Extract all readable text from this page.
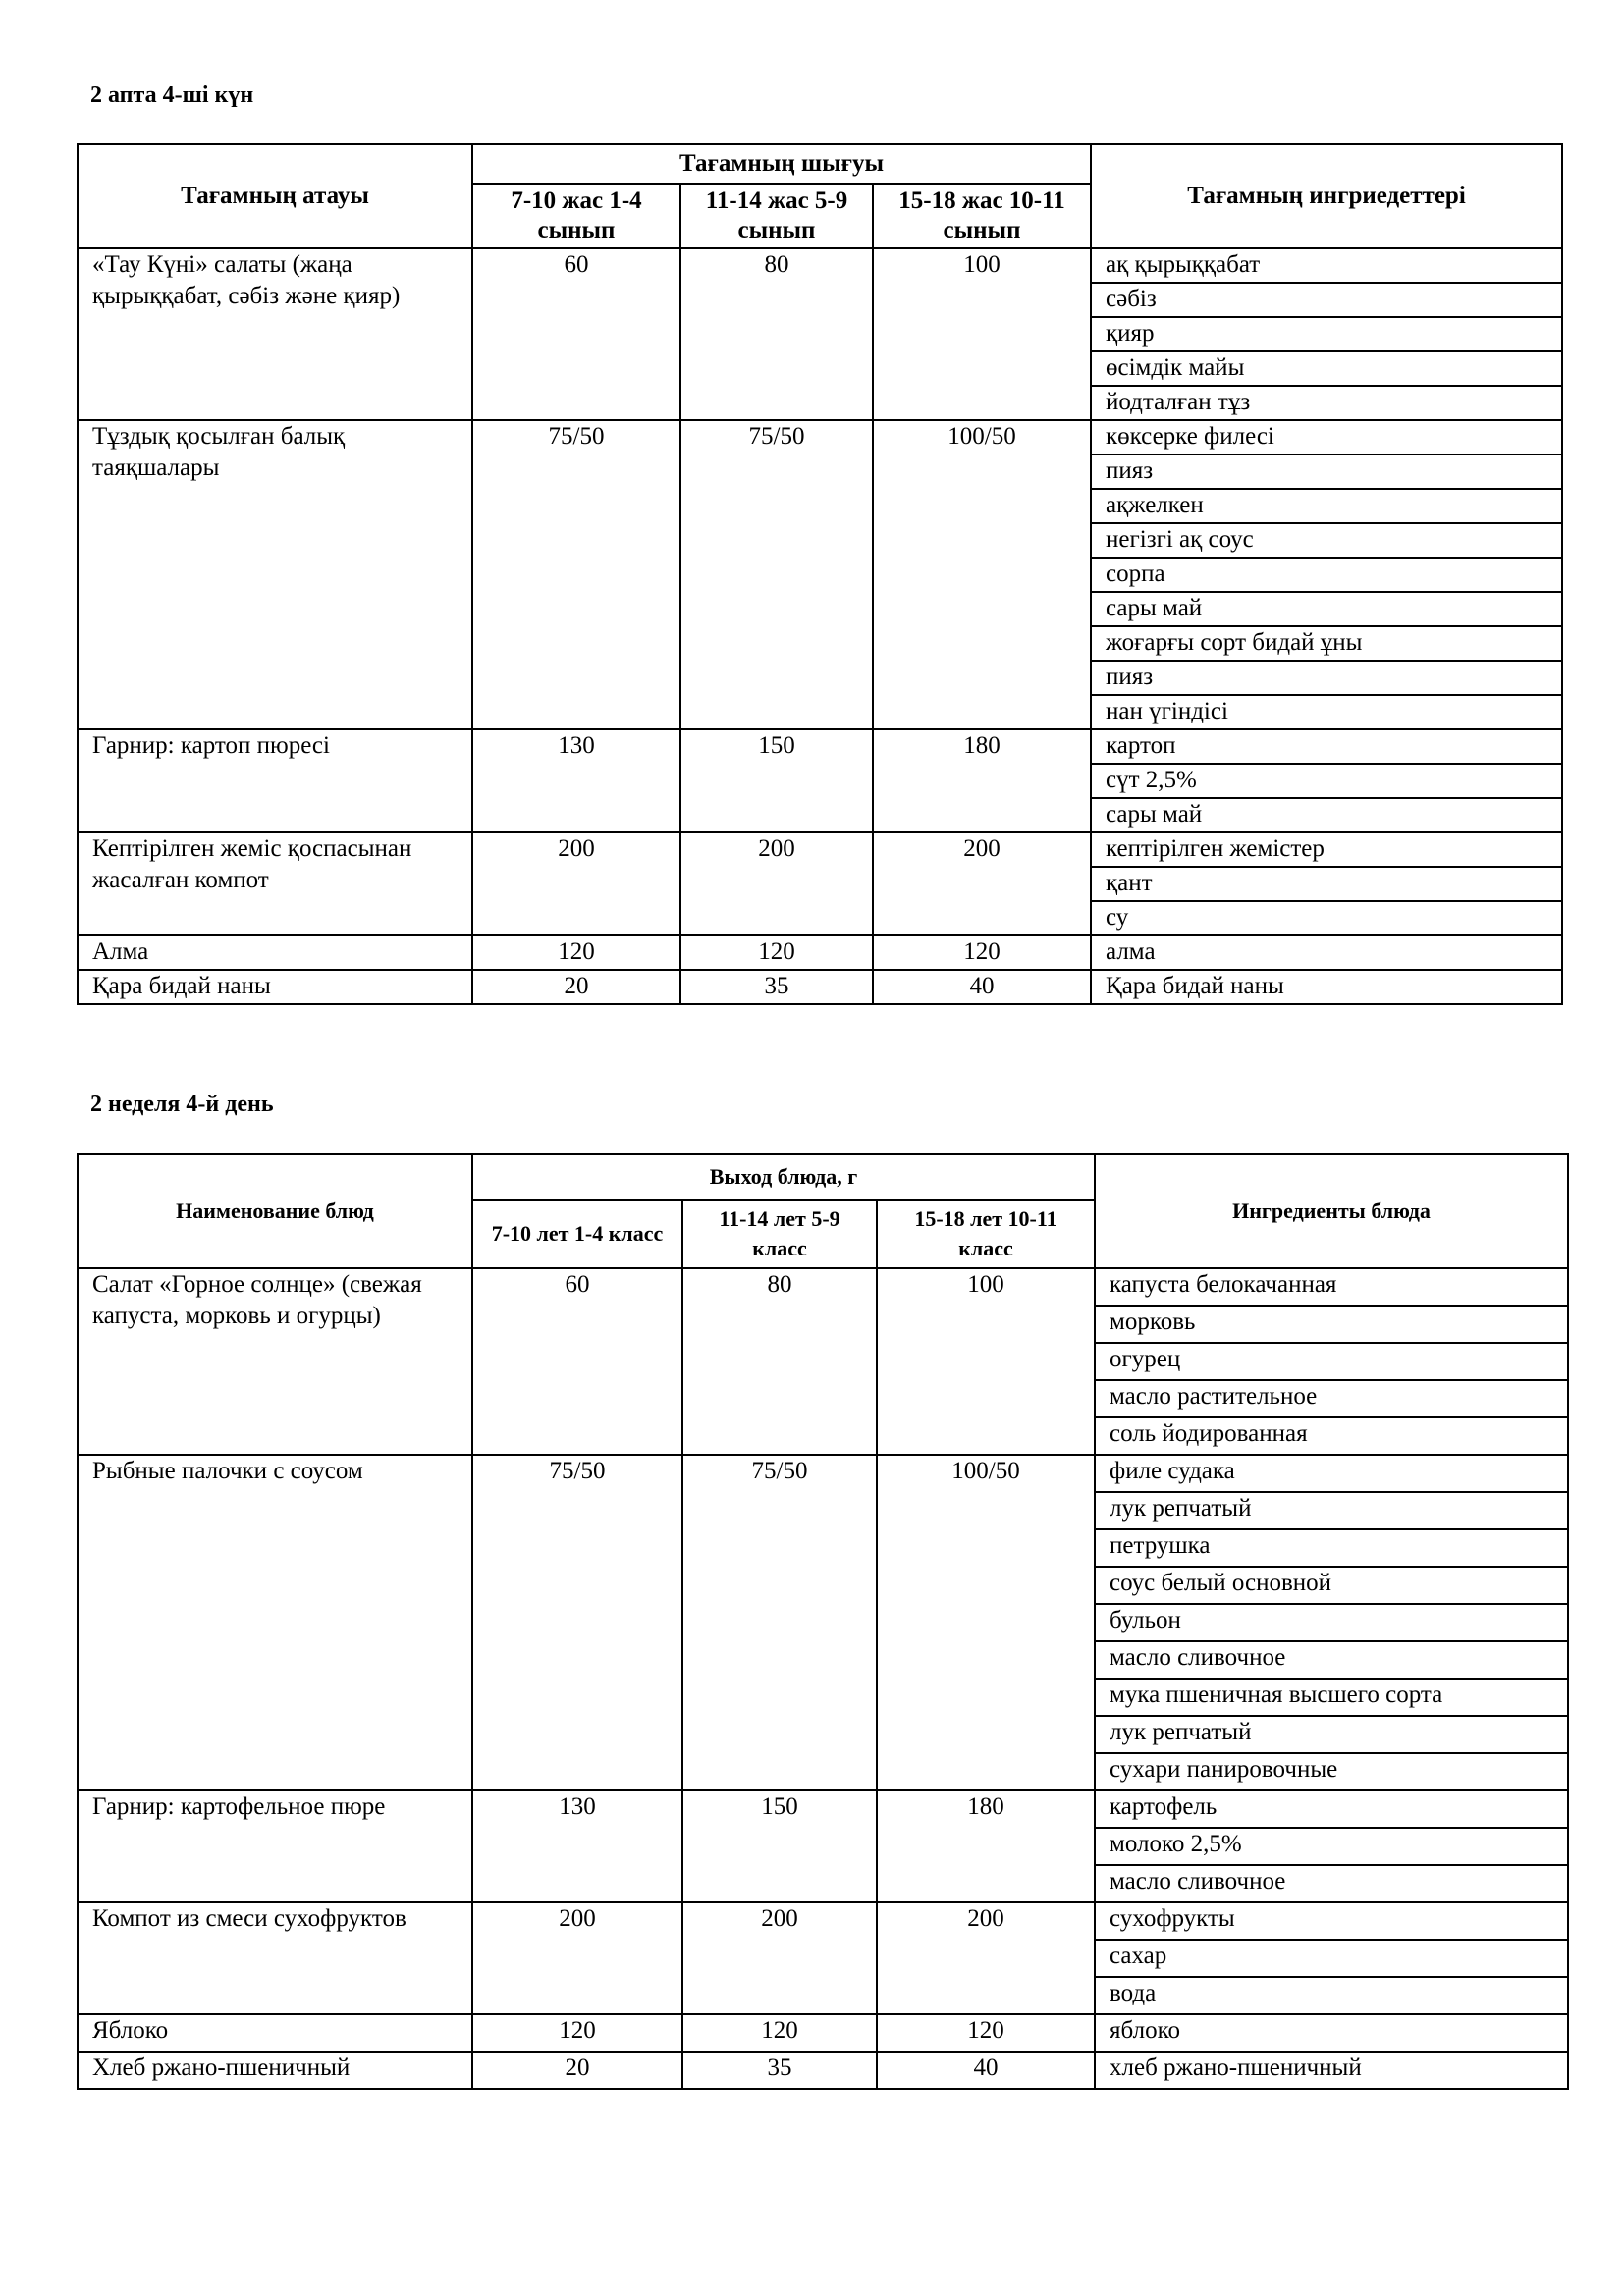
2 апта 4-ші күн
Тағамның атауы	Тағамның шығуы			Тағамның ингриедеттері
	7-10 жас 1-4 сынып	11-14 жас 5-9 сынып	15-18 жас 10-11 сынып	
«Тау Күні» салаты (жаңа қырыққабат, сәбіз және қияр)	60	80	100	ақ қырыққабат
				сәбіз
				қияр
				өсімдік майы
				йодталған тұз
Тұздық қосылған балық таяқшалары	75/50	75/50	100/50	көксерке филесі
				пияз
				ақжелкен
				негізгі ақ соус
				сорпа
				сары май
				жоғарғы сорт бидай ұны
				пияз
				нан үгіндісі
Гарнир: картоп пюресі	130	150	180	картоп
				сүт 2,5%
				сары май
Кептірілген жеміс қоспасынан жасалған компот	200	200	200	кептірілген жемістер
				қант
				су
Алма	120	120	120	алма
Қара бидай наны	20	35	40	Қара бидай наны
2 неделя 4-й день
Наименование блюд	Выход блюда, г			Ингредиенты блюда
	7-10 лет 1-4 класс	11-14 лет 5-9 класс	15-18 лет 10-11 класс	
Салат «Горное солнце» (свежая капуста, морковь и огурцы)	60	80	100	капуста белокачанная
				морковь
				огурец
				масло растительное
				соль йодированная
Рыбные палочки с соусом	75/50	75/50	100/50	филе судака
				лук репчатый
				петрушка
				соус белый основной
				бульон
				масло сливочное
				мука пшеничная высшего сорта
				лук репчатый
				сухари панировочные
Гарнир: картофельное пюре	130	150	180	картофель
				молоко 2,5%
				масло сливочное
Компот из смеси сухофруктов	200	200	200	сухофрукты
				сахар
				вода
Яблоко	120	120	120	яблоко
Хлеб ржано-пшеничный	20	35	40	хлеб ржано-пшеничный
